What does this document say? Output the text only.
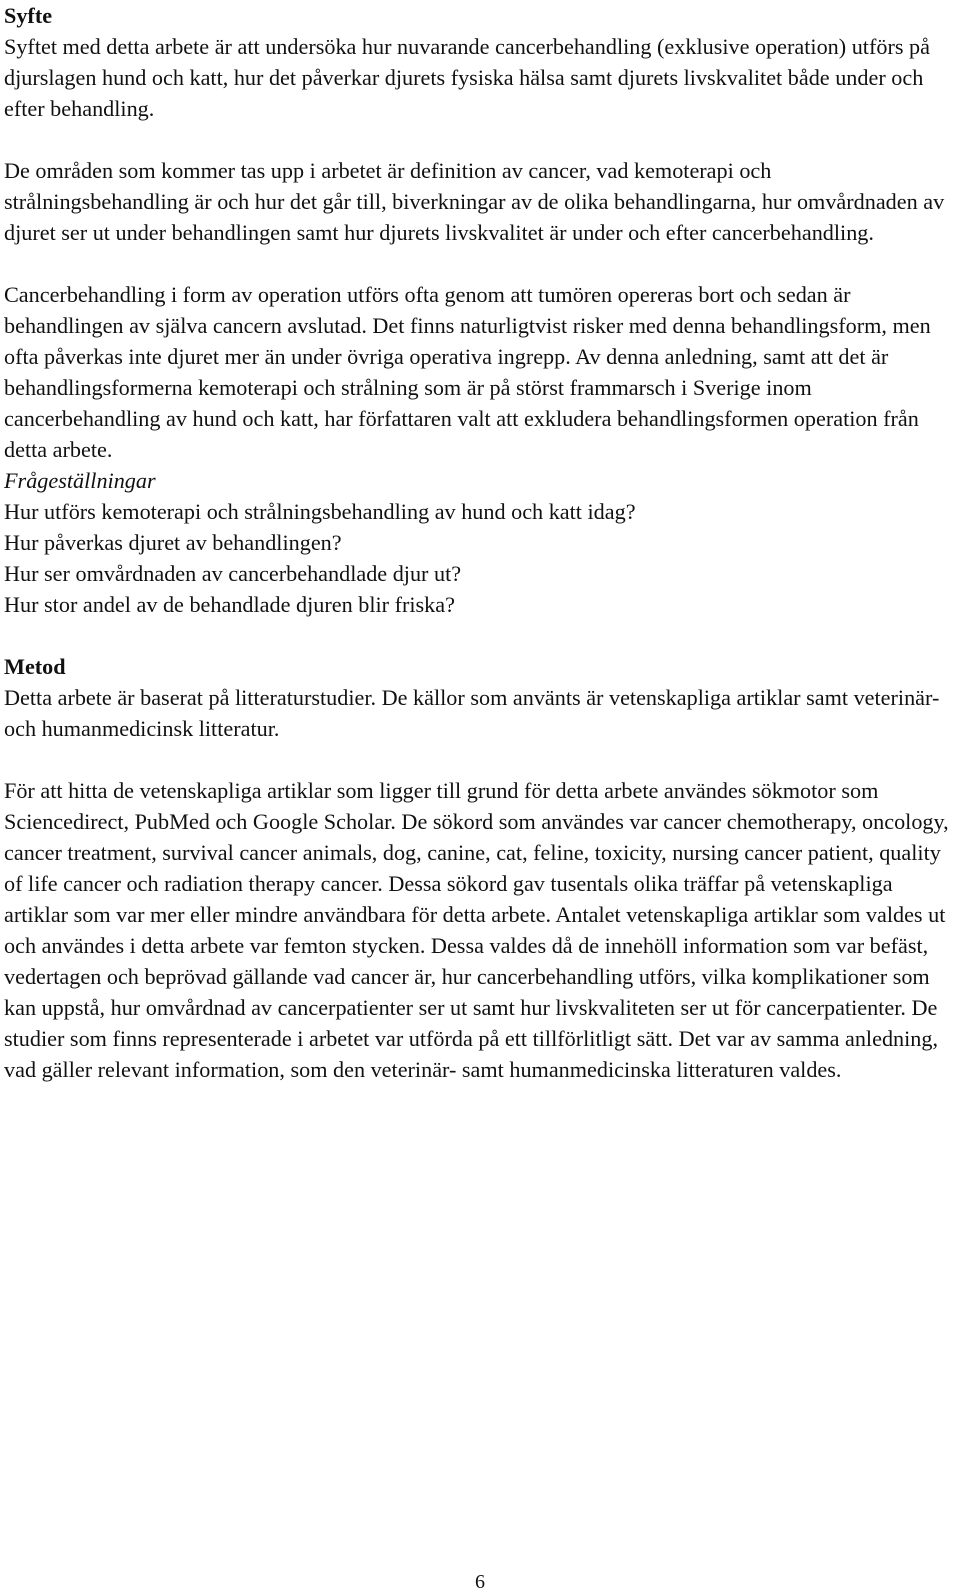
Syfte

Syftet med detta arbete är att undersöka hur nuvarande cancerbehandling (exklusive operation) utförs på djurslagen hund och katt, hur det påverkar djurets fysiska hälsa samt djurets livskvalitet både under och efter behandling.

De områden som kommer tas upp i arbetet är definition av cancer, vad kemoterapi och strålningsbehandling är och hur det går till, biverkningar av de olika behandlingarna, hur omvårdnaden av djuret ser ut under behandlingen samt hur djurets livskvalitet är under och efter cancerbehandling.

Cancerbehandling i form av operation utförs ofta genom att tumören opereras bort och sedan är behandlingen av själva cancern avslutad. Det finns naturligtvist risker med denna behandlingsform, men ofta påverkas inte djuret mer än under övriga operativa ingrepp. Av denna anledning, samt att det är behandlingsformerna kemoterapi och strålning som är på störst frammarsch i Sverige inom cancerbehandling av hund och katt, har författaren valt att exkludera behandlingsformen operation från detta arbete.

Frågeställningar

Hur utförs kemoterapi och strålningsbehandling av hund och katt idag?

Hur påverkas djuret av behandlingen?

Hur ser omvårdnaden av cancerbehandlade djur ut?

Hur stor andel av de behandlade djuren blir friska?

Metod

Detta arbete är baserat på litteraturstudier. De källor som använts är vetenskapliga artiklar samt veterinär- och humanmedicinsk litteratur.

För att hitta de vetenskapliga artiklar som ligger till grund för detta arbete användes sökmotor som Sciencedirect, PubMed och Google Scholar. De sökord som användes var cancer chemotherapy, oncology, cancer treatment, survival cancer animals, dog, canine, cat, feline, toxicity, nursing cancer patient, quality of life cancer och radiation therapy cancer. Dessa sökord gav tusentals olika träffar på vetenskapliga artiklar som var mer eller mindre användbara för detta arbete. Antalet vetenskapliga artiklar som valdes ut och användes i detta arbete var femton stycken. Dessa valdes då de innehöll information som var befäst, vedertagen och beprövad gällande vad cancer är, hur cancerbehandling utförs, vilka komplikationer som kan uppstå, hur omvårdnad av cancerpatienter ser ut samt hur livskvaliteten ser ut för cancerpatienter. De studier som finns representerade i arbetet var utförda på ett tillförlitligt sätt. Det var av samma anledning, vad gäller relevant information, som den veterinär- samt humanmedicinska litteraturen valdes.

6
